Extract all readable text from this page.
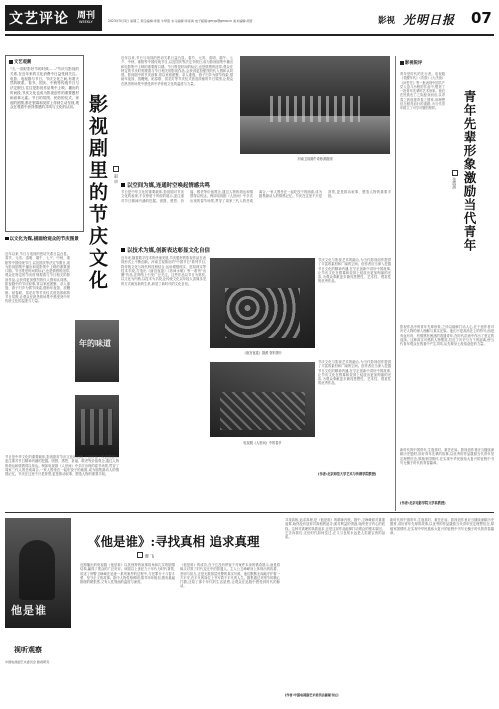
文艺评论 周刊
WEEKLY	2023年5月3日 星期三 责任编辑:李蕾 牛梦笛 实习编辑:李彦禹 电子邮箱:gmyp@gmw.cn 美术编辑:胡哲	影视 光明日报 07
文艺观潮
"天,一面好影好节的时候……"节庆与影视的关系,在近年来的文化消费中日益受到关注。电影、电视剧与节日、节庆文化之间,有着天然的联系。春节、国庆、中秋等传统节日与法定假日,往往是影视作品集中上映、播出的时间段,节庆文化也成为影视创作的重要题材和叙事元素。节日的氛围、民俗的仪式、家庭的团圆,都在银幕和荧屏上得到生动呈现,观众在观看中获得情感的共鸣与文化的认同。 影视剧里的节庆文化 赵 卓
近年以来,节日与电视的密切关系日益凸显。春节、元宵、清明、端午、七夕、中秋、重阳等中国传统节日,以及国庆等法定节假日,成为影视剧集中播出和电影集中上映的重要窗口期。节日既是时间的标记,也是情感的纽带,观众在特定的节庆时刻观看与节日相关的影视作品,会获得更加强烈的代入感和认同感。影视剧中的节庆叙事,常以家庭团聚、亲人重逢、游子归乡为情节线索,借助年夜饭、放鞭炮、贴春联、赏花灯等节庆仪式营造浓郁的节日氛围,让观众在熟悉的场景中感受到中华传统文化的温度与力量。
河南卫视端午奇妙游剧照
以空间为媒,连通时空唤起情感共鸣
节日是中华文化的重要载体,影视剧对节庆文化的表现,不仅停留于风俗的展示,更注重对节日精神内涵的挖掘。团圆、感恩、祈福、敬老等价值观念,通过人物的命运和情感得以传达。例如电视剧《人世间》中多次出现的春节场景,贯穿了周家三代人的悲欢离合,一家人围坐在一起吃饺子的画面,成为剧集最动人的情感记忆。节庆在这里不只是背景,更是推动叙事、塑造人物的重要手段。
以技术为媒,创新表达彰显文化自信
近年来,随着数字技术的快速发展,节庆题材的影视作品在表现形式上不断创新。河南卫视推出的"中国节日"系列节目,将传统文化与现代科技相结合,运用增强现实、虚拟现实等技术手段,打造出《唐宫夜宴》《洛神水赋》等一系列"出圈"作品,在网络上引发广泛关注。这些作品以节日为契机,以文化为内核,以技术为手段,让传统文化以年轻人喜闻乐见的方式焕发新的生机,彰显了新时代的文化自信。
《唐宫夜宴》剧照 资料图片
节庆文化与影视艺术的融合,为当代影视创作提供了丰富的素材和广阔的空间。创作者应当深入挖掘节日文化的精神内涵,在守正创新中讲好中国故事,让节庆文化在银幕和荧屏上绽放出更加绚丽的光彩,为观众奉献更多兼具思想性、艺术性、观赏性的优秀作品。
电视剧《人世间》中的春节
节庆文化与影视艺术的融合,为当代影视创作提供了丰富的素材和广阔的空间。创作者应当深入挖掘节日文化的精神内涵,在守正创新中讲好中国故事,让节庆文化在银幕和荧屏上绽放出更加绚丽的光彩,为观众奉献更多兼具思想性、艺术性、观赏性的优秀作品。
(作者:北京师范大学艺术与传媒学院教授)
以文化为媒,描画给观众的节庆图景
近年以来,节日与电视的密切关系日益凸显。春节、元宵、清明、端午、七夕、中秋、重阳等中国传统节日,以及国庆等法定节假日,成为影视剧集中播出和电影集中上映的重要窗口期。节日既是时间的标记,也是情感的纽带,观众在特定的节庆时刻观看与节日相关的影视作品,会获得更加强烈的代入感和认同感。影视剧中的节庆叙事,常以家庭团聚、亲人重逢、游子归乡为情节线索,借助年夜饭、放鞭炮、贴春联、赏花灯等节庆仪式营造浓郁的节日氛围,让观众在熟悉的场景中感受到中华传统文化的温度与力量。
年的味道
节日是中华文化的重要载体,影视剧对节庆文化的表现,不仅停留于风俗的展示,更注重对节日精神内涵的挖掘。团圆、感恩、祈福、敬老等价值观念,通过人物的命运和情感得以传达。例如电视剧《人世间》中多次出现的春节场景,贯穿了周家三代人的悲欢离合,一家人围坐在一起吃饺子的画面,成为剧集最动人的情感记忆。节庆在这里不只是背景,更是推动叙事、塑造人物的重要手段。
影视锐评
青年是时代的先行者。电视剧《觉醒年代》《功勋》《大决战》《问苍茫》等一批表现中国共产党人奋斗历程的作品中,塑造了一批青年先辈的艺术形象。他们在民族危亡之际挺身而出,以青春之我创建青春之国家,用理想信念照亮前行的道路,为当代青年树立了可学可敬的榜样。	青年先辈形象激励当代青年
张凯滨
影视作品中的青年先辈形象,之所以能够打动人心,在于创作者对历史人物的深入理解与真实还原。他们不是高高在上的符号,而是有血有肉、有情感有困惑的普通青年,在时代洪流中作出了坚定的选择。这种真实可感的人物塑造,拉近了历史与当下的距离,使当代青年观众在观看中产生共鸣,从先辈身上汲取奋进的力量。
新时代的中国青年,生逢其时、重任在肩。影视创作者应当继续深耕历史题材,讲好青年先辈的故事,以优秀的作品激励当代青年坚定理想信念,厚植家国情怀,在实现中华民族伟大复兴的征程中书写无愧于时代的青春篇章。
(作者:北京电影学院文学系教授)
他是谁
视听观察
中国电视剧艺术委员会 影视研究
《他是谁》:寻找真相 追求真理
谭 飞
近期播出的电视剧《他是谁》以其独特的叙事视角和扎实的剧情结构,赢得了观众的广泛好评。该剧以上世纪九十年代为时代背景,讲述了刑警卫峥嵘在追查一系列案件的过程中,与犯罪分子斗智斗勇、坚守正义的故事。剧中人物性格鲜明,情节环环相扣,既有悬疑推理的紧张感,又有人性刻画的温度与深度。
《他是谁》的成功,在于它没有停留于对案件本身的猎奇展示,而是将镜头对准了时代变迁中的普通人。主人公卫峥嵘身上体现出的执着、坚韧与担当,正是无数基层民警的真实写照。他们默默无闻地守护着一方平安,在平凡的岗位上书写着不平凡的人生。剧集通过对细节的精心打磨,还原了那个年代的生活质感,让观众在追剧中感受到时代的脉动。
寻找真相,追求真理,是《他是谁》的精神内核。剧中,卫峥嵘面对重重迷雾,始终没有放弃对真相的追寻;面对利益的诱惑,始终坚守内心的底线。这种对真理的执着追求,正是这部作品能够打动观众的根本原因。它告诉我们,无论时代如何变迁,正义与良知永远是人类最宝贵的品质。
(作者:中国电视剧艺术委员会副秘书长)
新时代的中国青年,生逢其时、重任在肩。影视创作者应当继续深耕历史题材,讲好青年先辈的故事,以优秀的作品激励当代青年坚定理想信念,厚植家国情怀,在实现中华民族伟大复兴的征程中书写无愧于时代的青春篇章。
